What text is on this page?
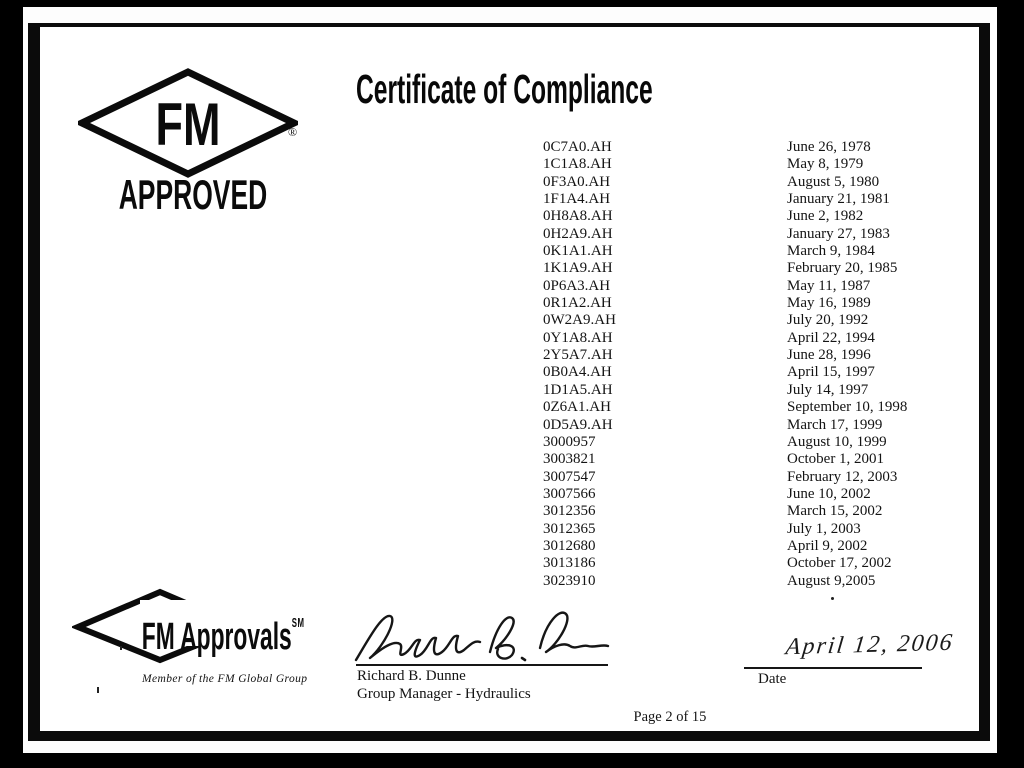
FM	®
APPROVED
Certificate of Compliance
0C7A0.AH	June 26, 1978
1C1A8.AH	May 8, 1979
0F3A0.AH	August 5, 1980
1F1A4.AH	January 21, 1981
0H8A8.AH	June 2, 1982
0H2A9.AH	January 27, 1983
0K1A1.AH	March 9, 1984
1K1A9.AH	February 20, 1985
0P6A3.AH	May 11, 1987
0R1A2.AH	May 16, 1989
0W2A9.AH	July 20, 1992
0Y1A8.AH	April 22, 1994
2Y5A7.AH	June 28, 1996
0B0A4.AH	April 15, 1997
1D1A5.AH	July 14, 1997
0Z6A1.AH	September 10, 1998
0D5A9.AH	March 17, 1999
3000957	August 10, 1999
3003821	October 1, 2001
3007547	February 12, 2003
3007566	June 10, 2002
3012356	March 15, 2002
3012365	July 1, 2003
3012680	April 9, 2002
3013186	October 17, 2002
3023910	August 9,2005
FM Approvals℠
Member of the FM Global Group	Richard B. Dunne
Group Manager - Hydraulics
April 12, 2006
Date
Page 2 of 15
